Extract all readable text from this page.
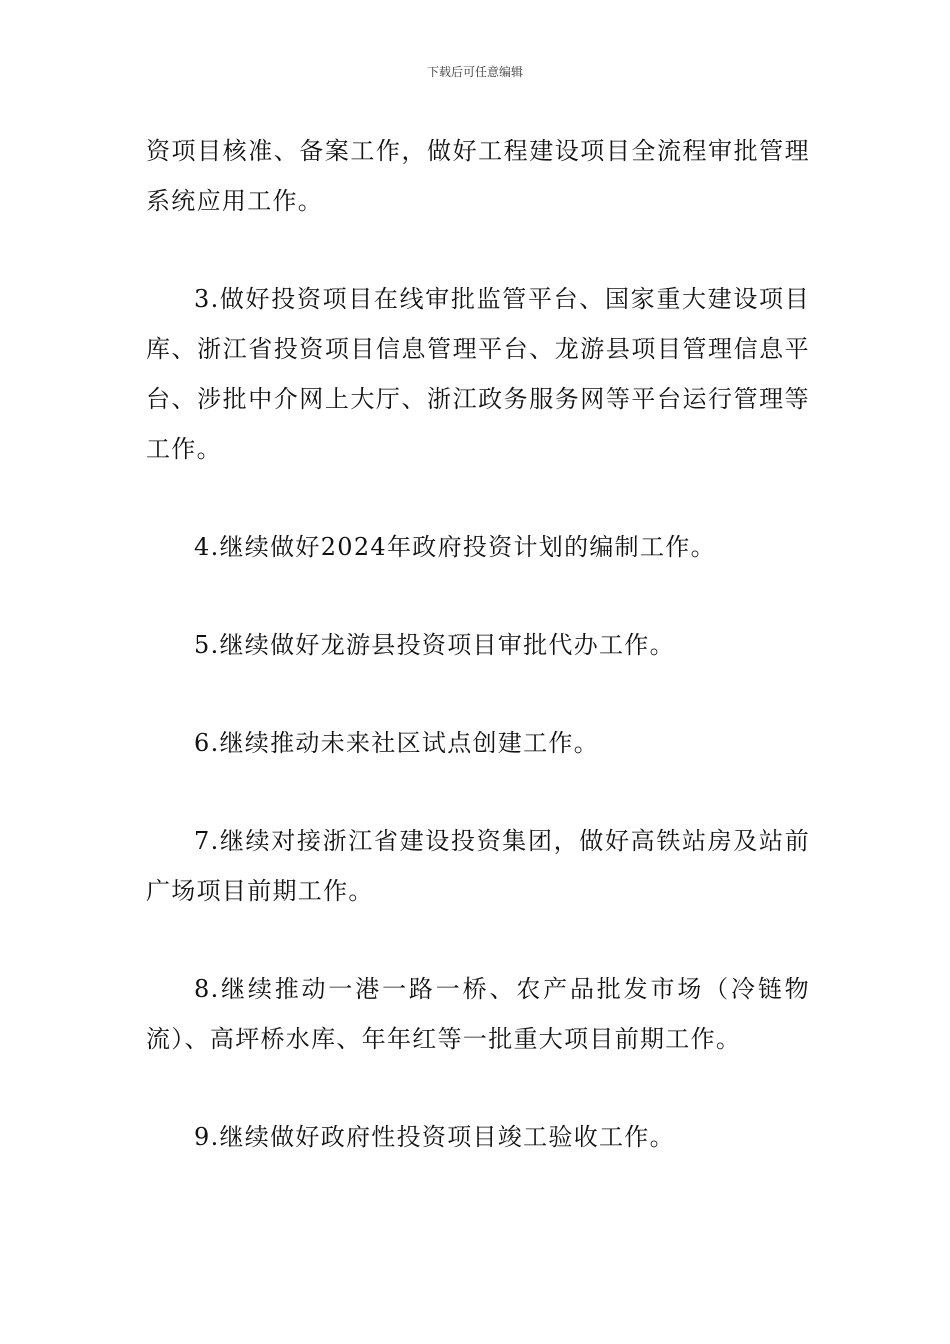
下载后可任意编辑

资项目核准、备案工作，做好工程建设项目全流程审批管理系统应用工作。

3.做好投资项目在线审批监管平台、国家重大建设项目库、浙江省投资项目信息管理平台、龙游县项目管理信息平台、涉批中介网上大厅、浙江政务服务网等平台运行管理等工作。

4.继续做好2024年政府投资计划的编制工作。

5.继续做好龙游县投资项目审批代办工作。

6.继续推动未来社区试点创建工作。

7.继续对接浙江省建设投资集团，做好高铁站房及站前广场项目前期工作。

8.继续推动一港一路一桥、农产品批发市场（冷链物流）、高坪桥水库、年年红等一批重大项目前期工作。

9.继续做好政府性投资项目竣工验收工作。
